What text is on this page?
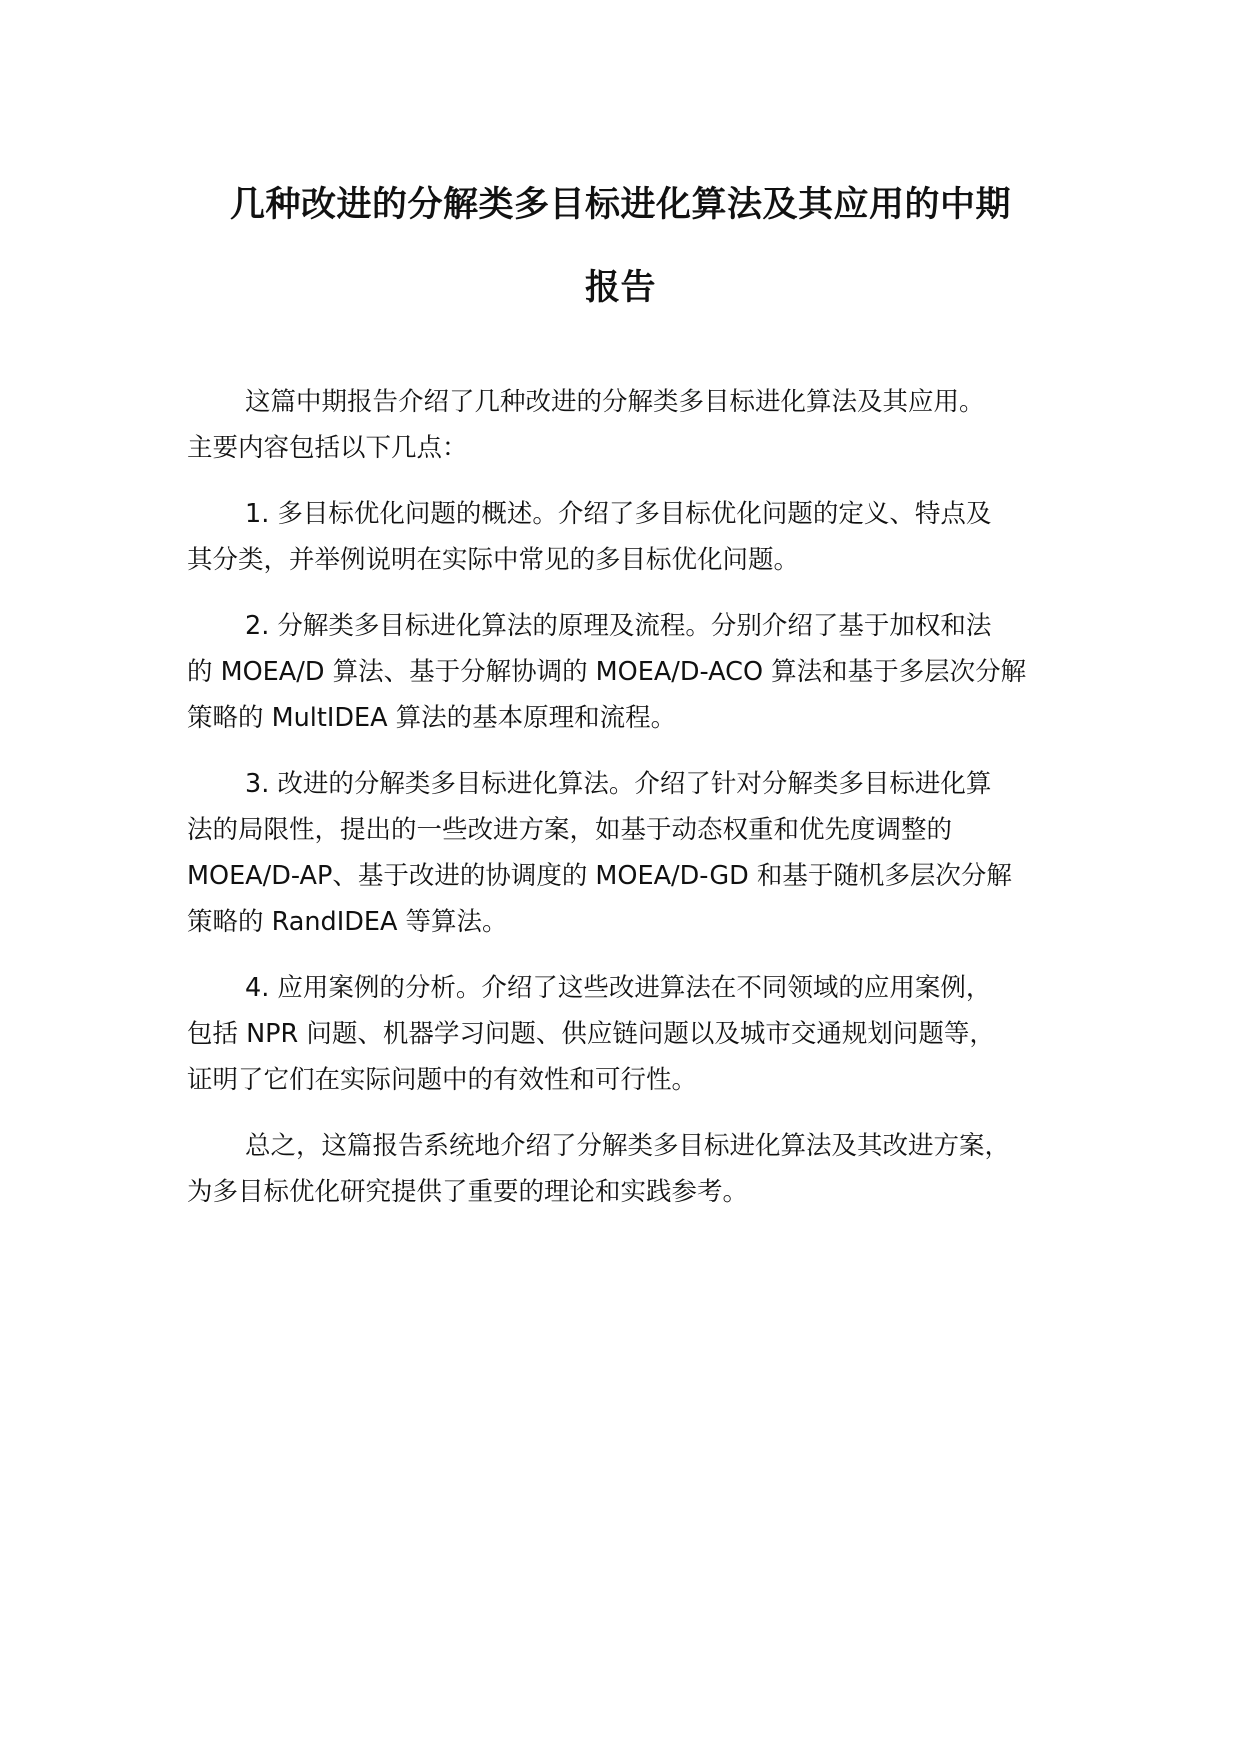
几种改进的分解类多目标进化算法及其应用的中期
报告

这篇中期报告介绍了几种改进的分解类多目标进化算法及其应用。
主要内容包括以下几点：

1. 多目标优化问题的概述。介绍了多目标优化问题的定义、特点及
其分类，并举例说明在实际中常见的多目标优化问题。

2. 分解类多目标进化算法的原理及流程。分别介绍了基于加权和法
的 MOEA/D 算法、基于分解协调的 MOEA/D-ACO 算法和基于多层次分解
策略的 MultIDEA 算法的基本原理和流程。

3. 改进的分解类多目标进化算法。介绍了针对分解类多目标进化算
法的局限性，提出的一些改进方案，如基于动态权重和优先度调整的
MOEA/D-AP、基于改进的协调度的 MOEA/D-GD 和基于随机多层次分解
策略的 RandIDEA 等算法。

4. 应用案例的分析。介绍了这些改进算法在不同领域的应用案例，
包括 NPR 问题、机器学习问题、供应链问题以及城市交通规划问题等，
证明了它们在实际问题中的有效性和可行性。

总之，这篇报告系统地介绍了分解类多目标进化算法及其改进方案，
为多目标优化研究提供了重要的理论和实践参考。
